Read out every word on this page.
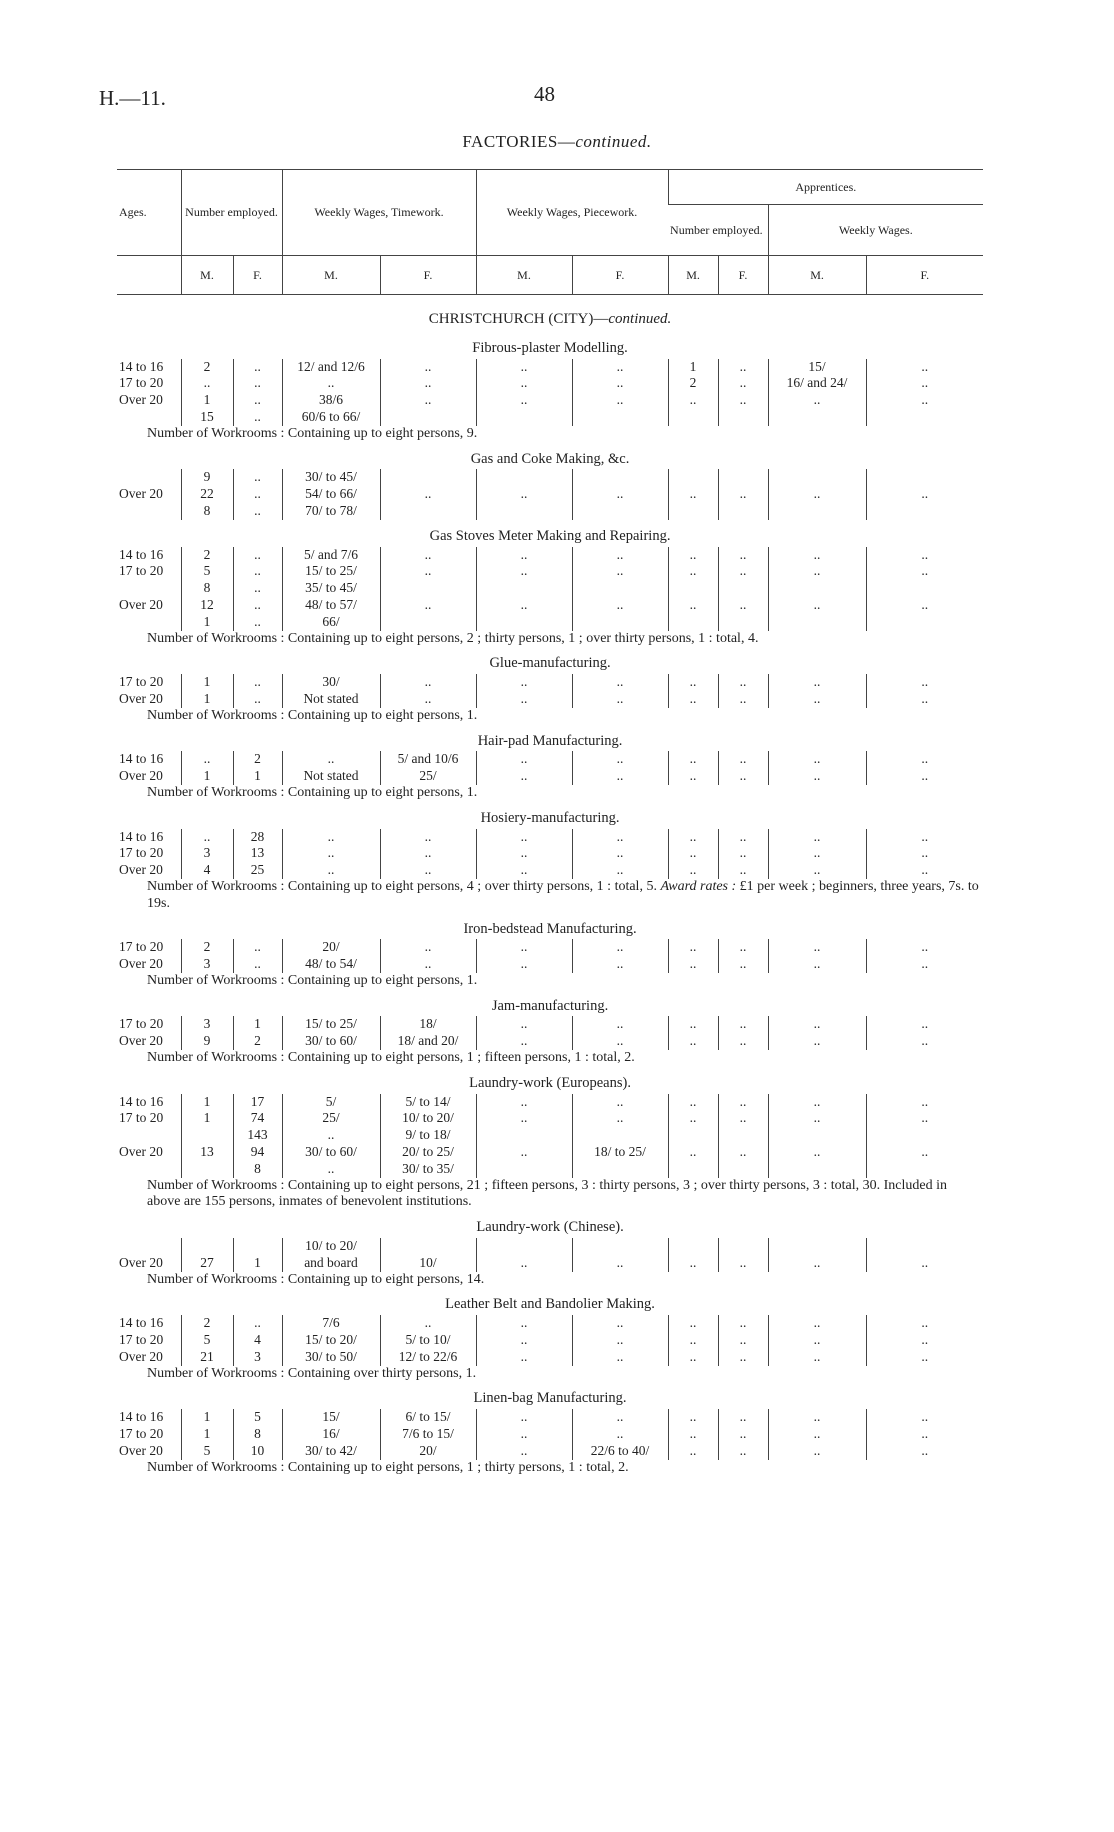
H.—11.	48
FACTORIES—continued.
Ages.	Number employed.		Weekly Wages, Timework.		Weekly Wages, Piecework.		Apprentices.			
							Number employed.		Weekly Wages.	
	M.	F.	M.	F.	M.	F.	M.	F.	M.	F.
CHRISTCHURCH (CITY)—continued.										
Fibrous-plaster Modelling.										
14 to 16	2	..	12/ and 12/6	..	..	..	1	..	15/	..
17 to 20	..	..	..	..	..	..	2	..	16/ and 24/	..
Over 20	1	..	38/6	..	..	..	..	..	..	..
	15	..	60/6 to 66/							
Number of Workrooms : Containing up to eight persons, 9.										
Gas and Coke Making, &c.										
	9	..	30/ to 45/							
Over 20	22	..	54/ to 66/	..	..	..	..	..	..	..
	8	..	70/ to 78/							
Gas Stoves Meter Making and Repairing.										
14 to 16	2	..	5/ and 7/6	..	..	..	..	..	..	..
17 to 20	5	..	15/ to 25/	..	..	..	..	..	..	..
	8	..	35/ to 45/							
Over 20	12	..	48/ to 57/	..	..	..	..	..	..	..
	1	..	66/							
Number of Workrooms : Containing up to eight persons, 2 ; thirty persons, 1 ; over thirty persons, 1 : total, 4.										
Glue-manufacturing.										
17 to 20	1	..	30/	..	..	..	..	..	..	..
Over 20	1	..	Not stated	..	..	..	..	..	..	..
Number of Workrooms : Containing up to eight persons, 1.										
Hair-pad Manufacturing.										
14 to 16	..	2	..	5/ and 10/6	..	..	..	..	..	..
Over 20	1	1	Not stated	25/	..	..	..	..	..	..
Number of Workrooms : Containing up to eight persons, 1.										
Hosiery-manufacturing.										
14 to 16	..	28	..	..	..	..	..	..	..	..
17 to 20	3	13	..	..	..	..	..	..	..	..
Over 20	4	25	..	..	..	..	..	..	..	..
Number of Workrooms : Containing up to eight persons, 4 ; over thirty persons, 1 : total, 5. Award rates : £1 per week ; beginners, three years, 7s. to 19s.										
Iron-bedstead Manufacturing.										
17 to 20	2	..	20/	..	..	..	..	..	..	..
Over 20	3	..	48/ to 54/	..	..	..	..	..	..	..
Number of Workrooms : Containing up to eight persons, 1.										
Jam-manufacturing.										
17 to 20	3	1	15/ to 25/	18/	..	..	..	..	..	..
Over 20	9	2	30/ to 60/	18/ and 20/	..	..	..	..	..	..
Number of Workrooms : Containing up to eight persons, 1 ; fifteen persons, 1 : total, 2.										
Laundry-work (Europeans).										
14 to 16	1	17	5/	5/ to 14/	..	..	..	..	..	..
17 to 20	1	74	25/	10/ to 20/	..	..	..	..	..	..
		143	..	9/ to 18/						
Over 20	13	94	30/ to 60/	20/ to 25/	..	18/ to 25/	..	..	..	..
		8	..	30/ to 35/						
Number of Workrooms : Containing up to eight persons, 21 ; fifteen persons, 3 : thirty persons, 3 ; over thirty persons, 3 : total, 30. Included in above are 155 persons, inmates of benevolent institutions.										
Laundry-work (Chinese).										
			10/ to 20/							
Over 20	27	1	and board	10/	..	..	..	..	..	..
Number of Workrooms : Containing up to eight persons, 14.										
Leather Belt and Bandolier Making.										
14 to 16	2	..	7/6	..	..	..	..	..	..	..
17 to 20	5	4	15/ to 20/	5/ to 10/	..	..	..	..	..	..
Over 20	21	3	30/ to 50/	12/ to 22/6	..	..	..	..	..	..
Number of Workrooms : Containing over thirty persons, 1.										
Linen-bag Manufacturing.										
14 to 16	1	5	15/	6/ to 15/	..	..	..	..	..	..
17 to 20	1	8	16/	7/6 to 15/	..	..	..	..	..	..
Over 20	5	10	30/ to 42/	20/	..	22/6 to 40/	..	..	..	..
Number of Workrooms : Containing up to eight persons, 1 ; thirty persons, 1 : total, 2.										
